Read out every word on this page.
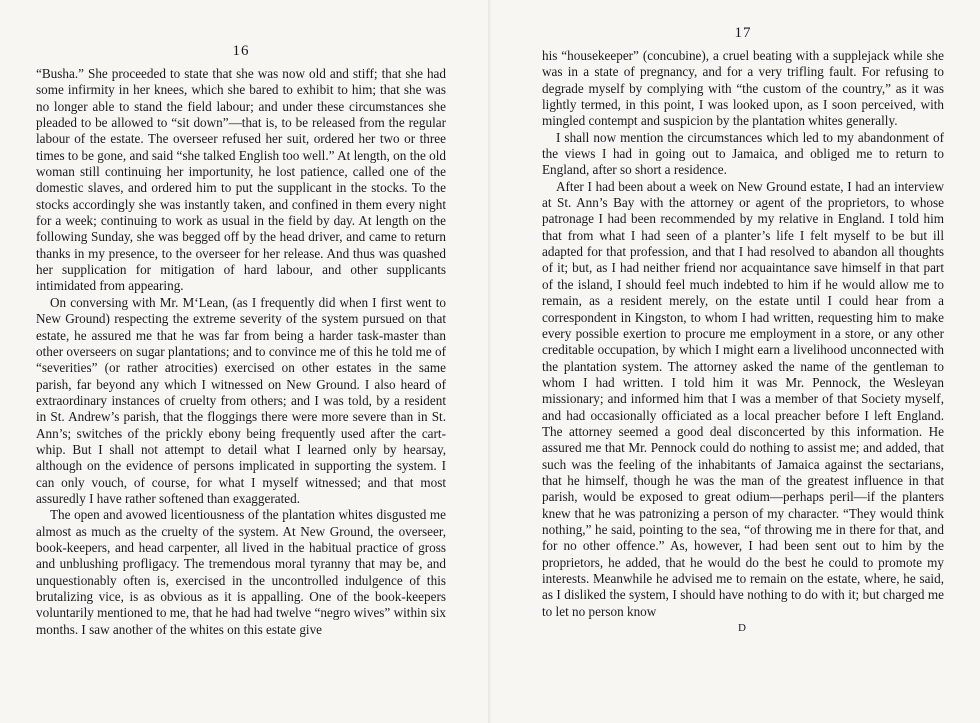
16

“Busha.” She proceeded to state that she was now old and stiff; that she had some infirmity in her knees, which she bared to exhibit to him; that she was no longer able to stand the field labour; and under these circumstances she pleaded to be allowed to “sit down”—that is, to be released from the regular labour of the estate. The overseer refused her suit, ordered her two or three times to be gone, and said “she talked English too well.” At length, on the old woman still continuing her importunity, he lost patience, called one of the domestic slaves, and ordered him to put the supplicant in the stocks. To the stocks accordingly she was instantly taken, and confined in them every night for a week; continuing to work as usual in the field by day. At length on the following Sunday, she was begged off by the head driver, and came to return thanks in my presence, to the overseer for her release. And thus was quashed her supplication for mitigation of hard labour, and other supplicants intimidated from appearing.

On conversing with Mr. M‘Lean, (as I frequently did when I first went to New Ground) respecting the extreme severity of the system pursued on that estate, he assured me that he was far from being a harder task-master than other overseers on sugar plantations; and to convince me of this he told me of “severities” (or rather atrocities) exercised on other estates in the same parish, far beyond any which I witnessed on New Ground. I also heard of extraordinary instances of cruelty from others; and I was told, by a resident in St. Andrew’s parish, that the floggings there were more severe than in St. Ann’s; switches of the prickly ebony being frequently used after the cart-whip. But I shall not attempt to detail what I learned only by hearsay, although on the evidence of persons implicated in supporting the system. I can only vouch, of course, for what I myself witnessed; and that most assuredly I have rather softened than exaggerated.

The open and avowed licentiousness of the plantation whites disgusted me almost as much as the cruelty of the system. At New Ground, the overseer, book-keepers, and head carpenter, all lived in the habitual practice of gross and unblushing profligacy. The tremendous moral tyranny that may be, and unquestionably often is, exercised in the uncontrolled indulgence of this brutalizing vice, is as obvious as it is appalling. One of the book-keepers voluntarily mentioned to me, that he had had twelve “negro wives” within six months. I saw another of the whites on this estate give

17

his “housekeeper” (concubine), a cruel beating with a supplejack while she was in a state of pregnancy, and for a very trifling fault. For refusing to degrade myself by complying with “the custom of the country,” as it was lightly termed, in this point, I was looked upon, as I soon perceived, with mingled contempt and suspicion by the plantation whites generally.

I shall now mention the circumstances which led to my abandonment of the views I had in going out to Jamaica, and obliged me to return to England, after so short a residence.

After I had been about a week on New Ground estate, I had an interview at St. Ann’s Bay with the attorney or agent of the proprietors, to whose patronage I had been recommended by my relative in England. I told him that from what I had seen of a planter’s life I felt myself to be but ill adapted for that profession, and that I had resolved to abandon all thoughts of it; but, as I had neither friend nor acquaintance save himself in that part of the island, I should feel much indebted to him if he would allow me to remain, as a resident merely, on the estate until I could hear from a correspondent in Kingston, to whom I had written, requesting him to make every possible exertion to procure me employment in a store, or any other creditable occupation, by which I might earn a livelihood unconnected with the plantation system. The attorney asked the name of the gentleman to whom I had written. I told him it was Mr. Pennock, the Wesleyan missionary; and informed him that I was a member of that Society myself, and had occasionally officiated as a local preacher before I left England. The attorney seemed a good deal disconcerted by this information. He assured me that Mr. Pennock could do nothing to assist me; and added, that such was the feeling of the inhabitants of Jamaica against the sectarians, that he himself, though he was the man of the greatest influence in that parish, would be exposed to great odium—perhaps peril—if the planters knew that he was patronizing a person of my character. “They would think nothing,” he said, pointing to the sea, “of throwing me in there for that, and for no other offence.” As, however, I had been sent out to him by the proprietors, he added, that he would do the best he could to promote my interests. Meanwhile he advised me to remain on the estate, where, he said, as I disliked the system, I should have nothing to do with it; but charged me to let no person know

D
